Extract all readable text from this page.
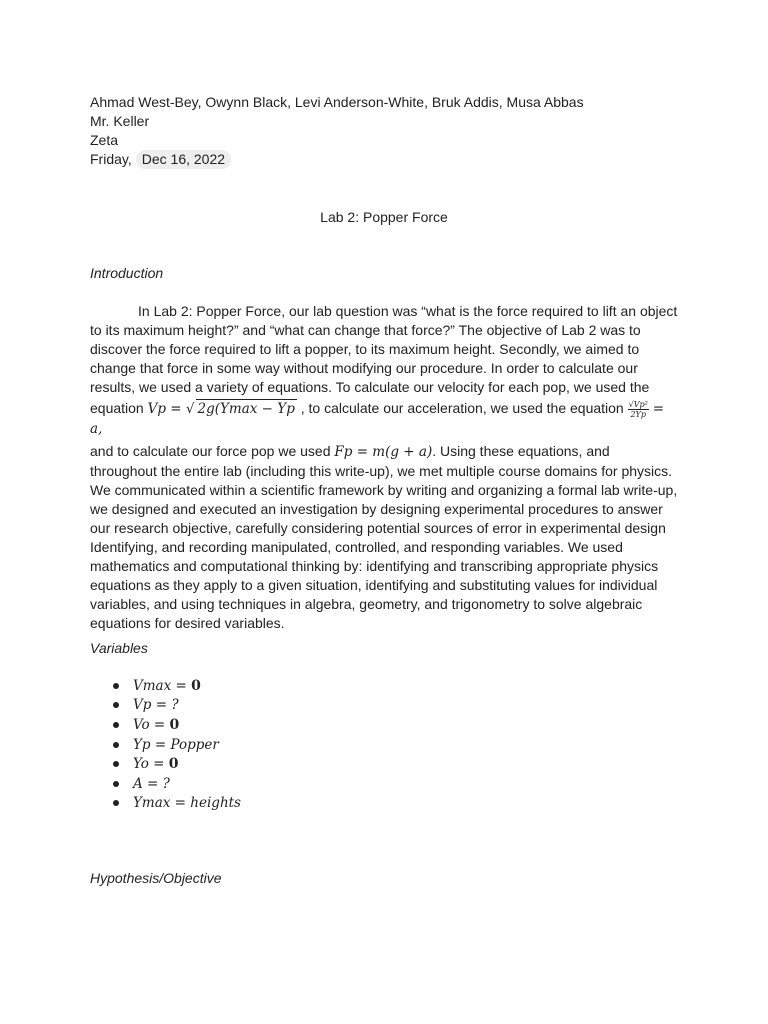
Ahmad West-Bey, Owynn Black, Levi Anderson-White, Bruk Addis, Musa Abbas
Mr. Keller
Zeta
Friday, Dec 16, 2022
Lab 2: Popper Force
Introduction

In Lab 2: Popper Force, our lab question was “what is the force required to lift an object to its maximum height?” and “what can change that force?” The objective of Lab 2 was to discover the force required to lift a popper, to its maximum height. Secondly, we aimed to change that force in some way without modifying our procedure. In order to calculate our results, we used a variety of equations. To calculate our velocity for each pop, we used the

equation Vp = √ 2g(Ymax − Yp , to calculate our acceleration, we used the equation $\frac{\text{√Vp²}}{2Yp} = a$,

and to calculate our force pop we used Fp = m(g + a). Using these equations, and throughout the entire lab (including this write-up), we met multiple course domains for physics. We communicated within a scientific framework by writing and organizing a formal lab write-up, we designed and executed an investigation by designing experimental procedures to answer our research objective, carefully considering potential sources of error in experimental design Identifying, and recording manipulated, controlled, and responding variables. We used mathematics and computational thinking by: identifying and transcribing appropriate physics equations as they apply to a given situation, identifying and substituting values for individual variables, and using techniques in algebra, geometry, and trigonometry to solve algebraic equations for desired variables.

Variables
Vmax = 0
Vp = ?
Vo = 0
Yp = Popper
Yo = 0
A = ?
Ymax = heights
Hypothesis/Objective
